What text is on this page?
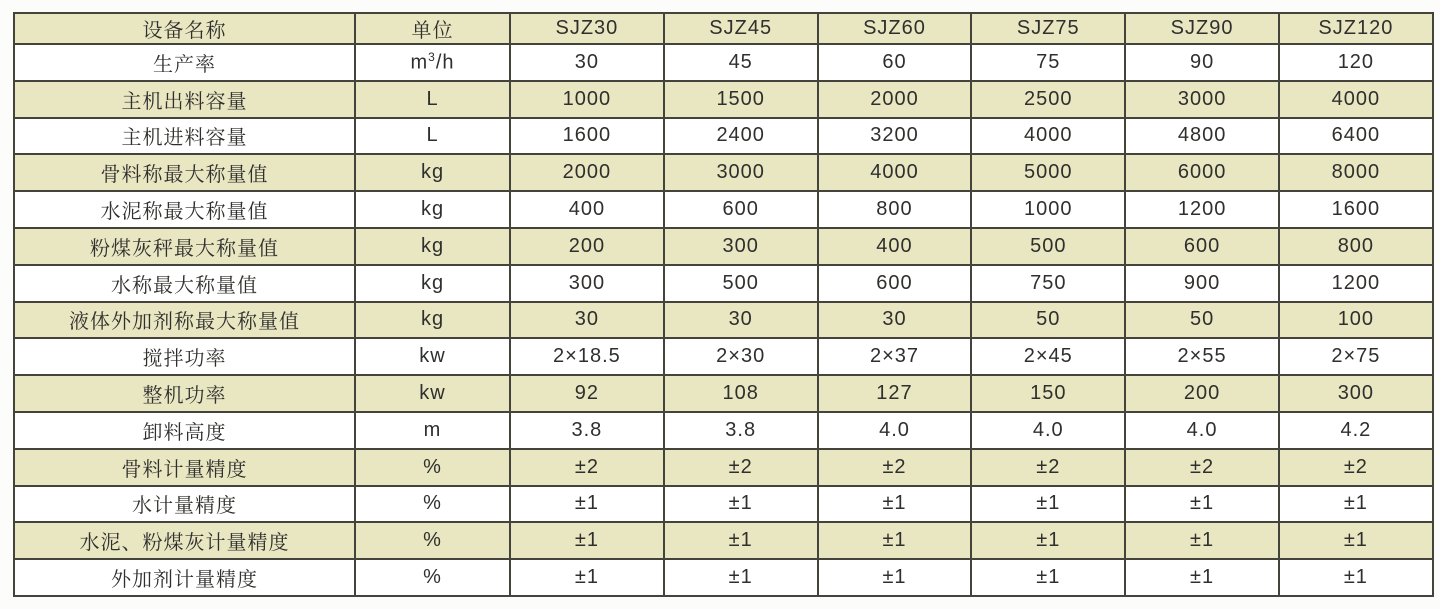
设备名称	单位	SJZ30	SJZ45	SJZ60	SJZ75	SJZ90	SJZ120
生产率	$m^3/h$	30	45	60	75	90	120
主机出料容量	L	1000	1500	2000	2500	3000	4000
主机进料容量	L	1600	2400	3200	4000	4800	6400
骨料称最大称量值	kg	2000	3000	4000	5000	6000	8000
水泥称最大称量值	kg	400	600	800	1000	1200	1600
粉煤灰秤最大称量值	kg	200	300	400	500	600	800
水称最大称量值	kg	300	500	600	750	900	1200
液体外加剂称最大称量值	kg	30	30	30	50	50	100
搅拌功率	kw	2×18.5	2×30	2×37	2×45	2×55	2×75
整机功率	kw	92	108	127	150	200	300
卸料高度	m	3.8	3.8	4.0	4.0	4.0	4.2
骨料计量精度	%	±2	±2	±2	±2	±2	±2
水计量精度	%	±1	±1	±1	±1	±1	±1
水泥、粉煤灰计量精度	%	±1	±1	±1	±1	±1	±1
外加剂计量精度	%	±1	±1	±1	±1	±1	±1
